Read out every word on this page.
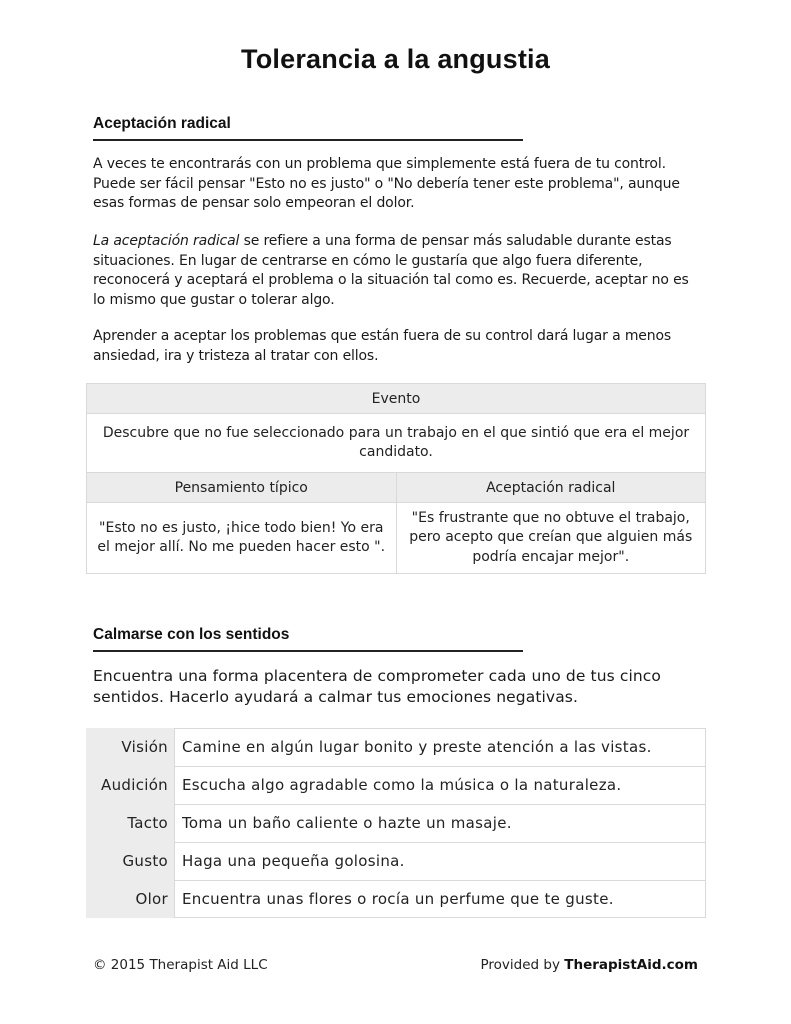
Tolerancia a la angustia
Aceptación radical

A veces te encontrarás con un problema que simplemente está fuera de tu control. Puede ser fácil pensar "Esto no es justo" o "No debería tener este problema", aunque esas formas de pensar solo empeoran el dolor.

La aceptación radical se refiere a una forma de pensar más saludable durante estas situaciones. En lugar de centrarse en cómo le gustaría que algo fuera diferente, reconocerá y aceptará el problema o la situación tal como es. Recuerde, aceptar no es lo mismo que gustar o tolerar algo.

Aprender a aceptar los problemas que están fuera de su control dará lugar a menos ansiedad, ira y tristeza al tratar con ellos.

Evento	
Descubre que no fue seleccionado para un trabajo en el que sintió que era el mejor candidato.	
Pensamiento típico	Aceptación radical
"Esto no es justo, ¡hice todo bien! Yo era el mejor allí. No me pueden hacer esto ".	"Es frustrante que no obtuve el trabajo, pero acepto que creían que alguien más podría encajar mejor".
Calmarse con los sentidos

Encuentra una forma placentera de comprometer cada uno de tus cinco sentidos. Hacerlo ayudará a calmar tus emociones negativas.

Visión Camine en algún lugar bonito y preste atención a las vistas.
Audición Escucha algo agradable como la música o la naturaleza.
Tacto Toma un baño caliente o hazte un masaje.
Gusto Haga una pequeña golosina.
Olor Encuentra unas flores o rocía un perfume que te guste.
© 2015 Therapist Aid LLC	Provided by TherapistAid.com
